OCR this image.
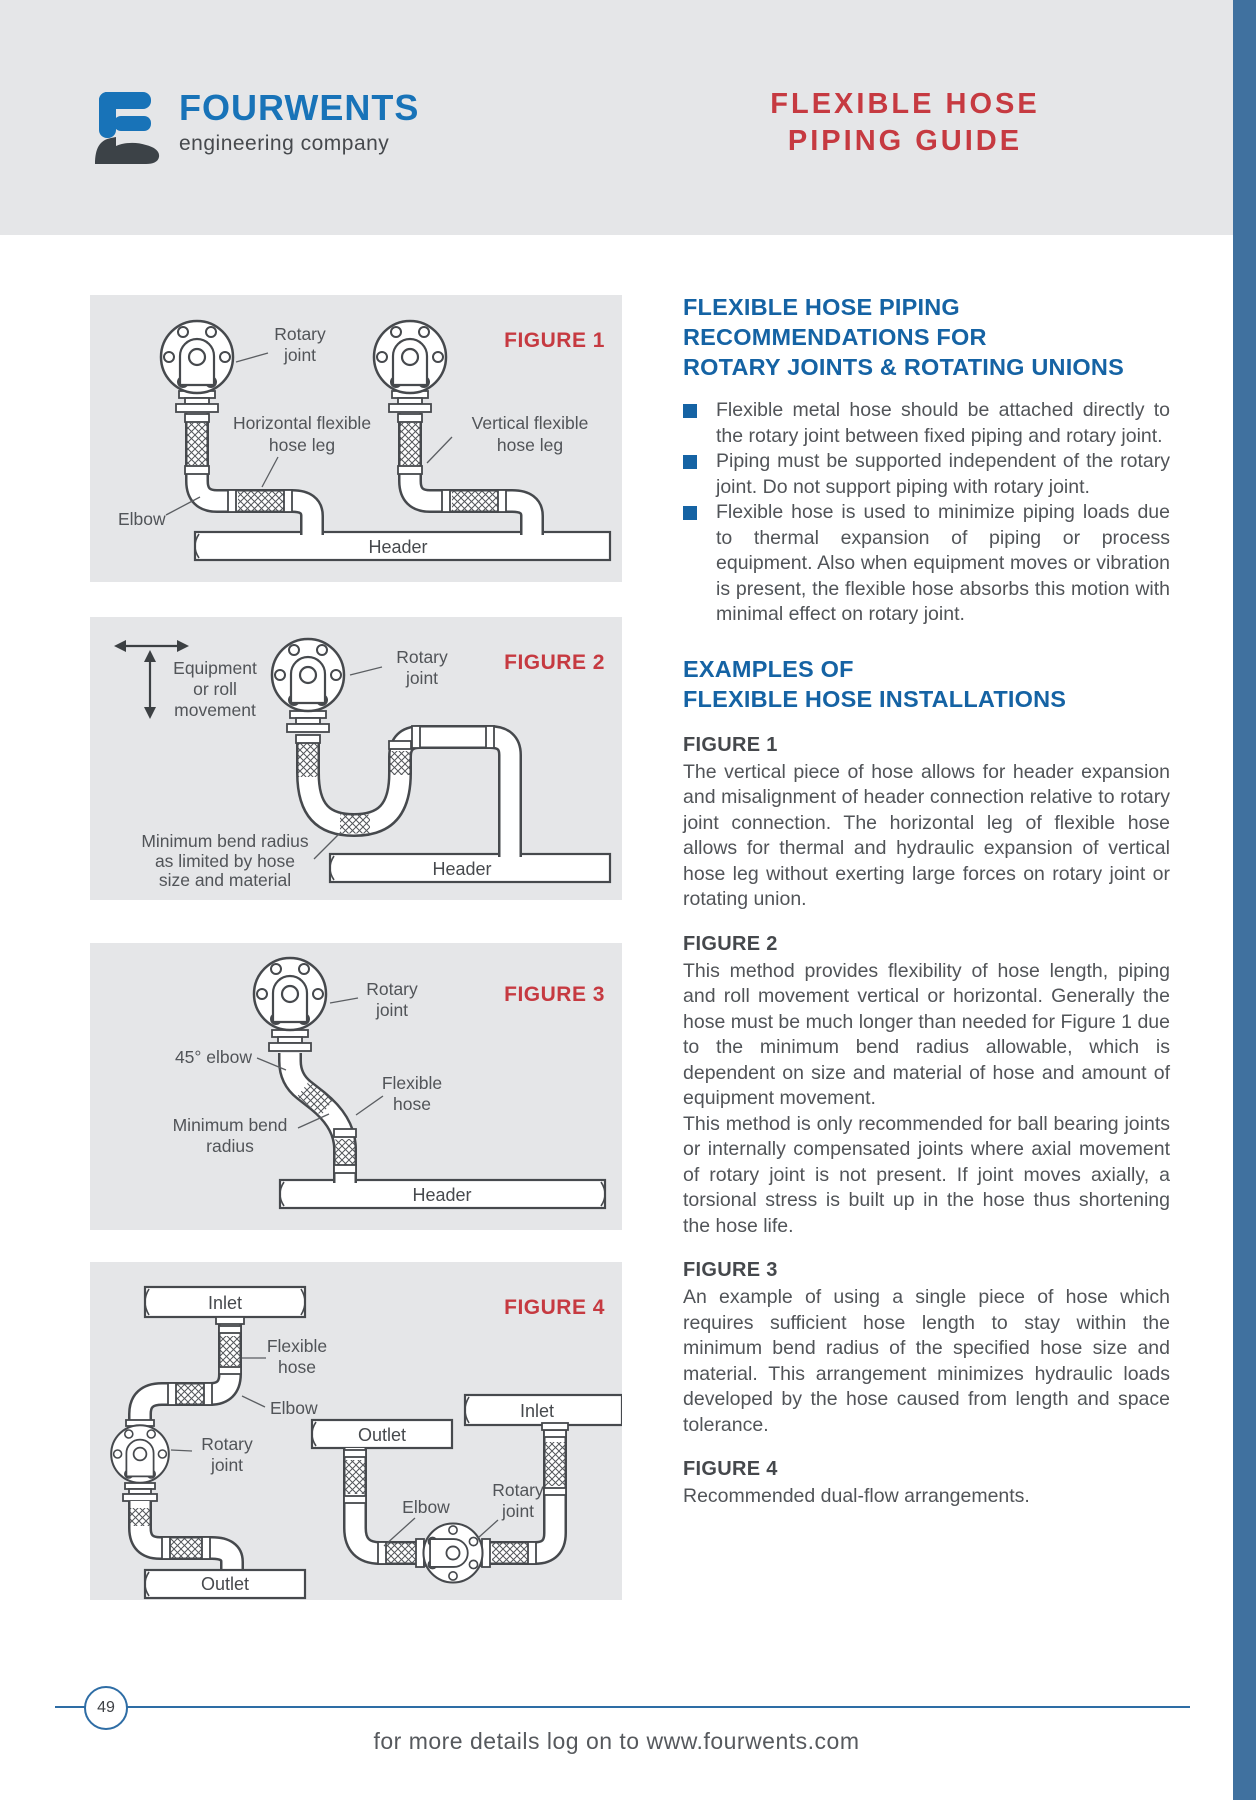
FOURWENTS
engineering company
FLEXIBLE HOSE
PIPING GUIDE
Header
Rotary
joint
FIGURE 1
Horizontal flexible
hose leg
Vertical flexible
hose leg
Elbow
Header
Equipment
or roll
movement
Rotary
joint
FIGURE 2
Minimum bend radius
as limited by hose
size and material
Header
Rotary
joint
FIGURE 3
45° elbow
Flexible
hose
Minimum bend
radius
Inlet
Outlet
Inlet
Outlet
FIGURE 4
Flexible
hose
Elbow
Rotary
joint
Elbow
Rotary
joint
FLEXIBLE HOSE PIPING
RECOMMENDATIONS FOR
ROTARY JOINTS & ROTATING UNIONS

Flexible metal hose should be attached directly to the rotary joint between fixed piping and rotary joint.

Piping must be supported independent of the rotary joint. Do not support piping with rotary joint.

Flexible hose is used to minimize piping loads due to thermal expansion of piping or process equipment. Also when equipment moves or vibration is present, the flexible hose absorbs this motion with minimal effect on rotary joint.

EXAMPLES OF
FLEXIBLE HOSE INSTALLATIONS
FIGURE 1

The vertical piece of hose allows for header expansion and misalignment of header connection relative to rotary joint connection. The horizontal leg of flexible hose allows for thermal and hydraulic expansion of vertical hose leg without exerting large forces on rotary joint or rotating union.

FIGURE 2

This method provides flexibility of hose length, piping and roll movement vertical or horizontal. Generally the hose must be much longer than needed for Figure 1 due to the minimum bend radius allowable, which is dependent on size and material of hose and amount of equipment movement.

This method is only recommended for ball bearing joints or internally compensated joints where axial movement of rotary joint is not present. If joint moves axially, a torsional stress is built up in the hose thus shortening the hose life.

FIGURE 3

An example of using a single piece of hose which requires sufficient hose length to stay within the minimum bend radius of the specified hose size and material. This arrangement minimizes hydraulic loads developed by the hose caused from length and space tolerance.

FIGURE 4

Recommended dual-flow arrangements.

49
for more details log on to www.fourwents.com
